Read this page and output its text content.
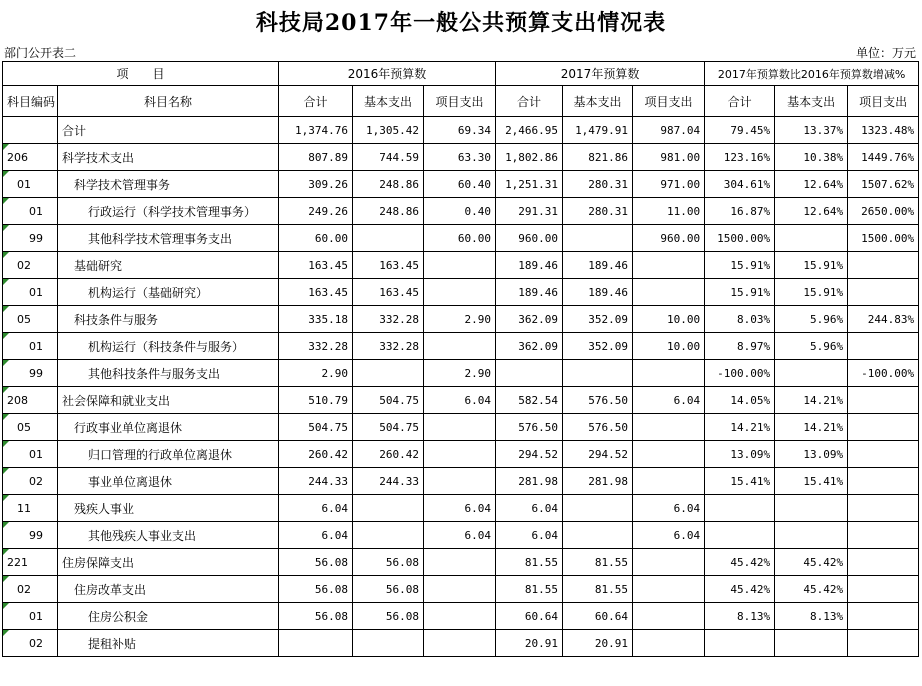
科技局2017年一般公共预算支出情况表
部门公开表二	单位：万元
项　　目		2016年预算数			2017年预算数			2017年预算数比2016年预算数增减%		
科目编码	科目名称	合计	基本支出	项目支出	合计	基本支出	项目支出	合计	基本支出	项目支出
	合计	1,374.76	1,305.42	69.34	2,466.95	1,479.91	987.04	79.45%	13.37%	1323.48%
206	科学技术支出	807.89	744.59	63.30	1,802.86	821.86	981.00	123.16%	10.38%	1449.76%
01	科学技术管理事务	309.26	248.86	60.40	1,251.31	280.31	971.00	304.61%	12.64%	1507.62%
01	行政运行（科学技术管理事务）	249.26	248.86	0.40	291.31	280.31	11.00	16.87%	12.64%	2650.00%
99	其他科学技术管理事务支出	60.00		60.00	960.00		960.00	1500.00%		1500.00%
02	基础研究	163.45	163.45		189.46	189.46		15.91%	15.91%	
01	机构运行（基础研究）	163.45	163.45		189.46	189.46		15.91%	15.91%	
05	科技条件与服务	335.18	332.28	2.90	362.09	352.09	10.00	8.03%	5.96%	244.83%
01	机构运行（科技条件与服务）	332.28	332.28		362.09	352.09	10.00	8.97%	5.96%	
99	其他科技条件与服务支出	2.90		2.90				-100.00%		-100.00%
208	社会保障和就业支出	510.79	504.75	6.04	582.54	576.50	6.04	14.05%	14.21%	
05	行政事业单位离退休	504.75	504.75		576.50	576.50		14.21%	14.21%	
01	归口管理的行政单位离退休	260.42	260.42		294.52	294.52		13.09%	13.09%	
02	事业单位离退休	244.33	244.33		281.98	281.98		15.41%	15.41%	
11	残疾人事业	6.04		6.04	6.04		6.04			
99	其他残疾人事业支出	6.04		6.04	6.04		6.04			
221	住房保障支出	56.08	56.08		81.55	81.55		45.42%	45.42%	
02	住房改革支出	56.08	56.08		81.55	81.55		45.42%	45.42%	
01	住房公积金	56.08	56.08		60.64	60.64		8.13%	8.13%	
02	提租补贴				20.91	20.91				
